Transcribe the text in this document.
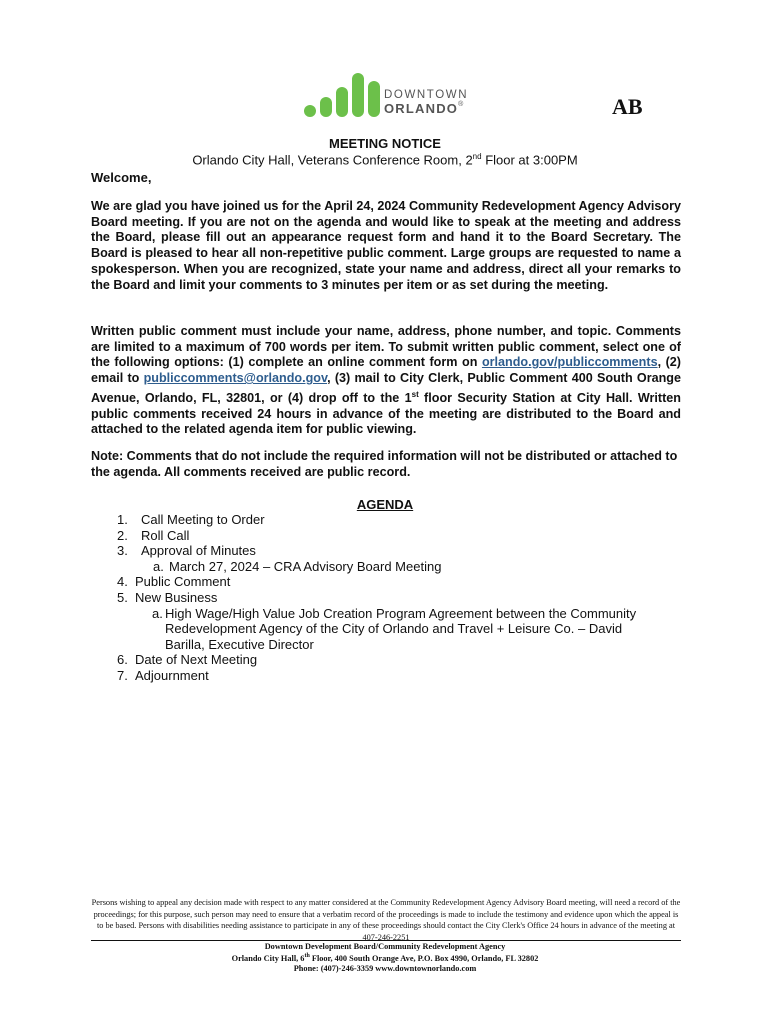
DOWNTOWN
ORLANDO®	AB
MEETING NOTICE
Orlando City Hall, Veterans Conference Room, 2nd Floor at 3:00PM
Welcome,

We are glad you have joined us for the April 24, 2024 Community Redevelopment Agency Advisory Board meeting. If you are not on the agenda and would like to speak at the meeting and address the Board, please fill out an appearance request form and hand it to the Board Secretary. The Board is pleased to hear all non-repetitive public comment. Large groups are requested to name a spokesperson. When you are recognized, state your name and address, direct all your remarks to the Board and limit your comments to 3 minutes per item or as set during the meeting.

Written public comment must include your name, address, phone number, and topic. Comments are limited to a maximum of 700 words per item. To submit written public comment, select one of the following options: (1) complete an online comment form on orlando.gov/publiccomments, (2) email to publiccomments@orlando.gov, (3) mail to City Clerk, Public Comment 400 South Orange Avenue, Orlando, FL, 32801, or (4) drop off to the 1st floor Security Station at City Hall. Written public comments received 24 hours in advance of the meeting are distributed to the Board and attached to the related agenda item for public viewing.

Note: Comments that do not include the required information will not be distributed or attached to the agenda. All comments received are public record.

AGENDA

1. Call Meeting to Order

2. Roll Call

3. Approval of Minutes

a. March 27, 2024 – CRA Advisory Board Meeting

4. Public Comment

5. New Business

a. High Wage/High Value Job Creation Program Agreement between the Community

Redevelopment Agency of the City of Orlando and Travel + Leisure Co. – David

Barilla, Executive Director

6. Date of Next Meeting

7. Adjournment

Persons wishing to appeal any decision made with respect to any matter considered at the Community Redevelopment Agency Advisory Board meeting, will need a record of the proceedings; for this purpose, such person may need to ensure that a verbatim record of the proceedings is made to include the testimony and evidence upon which the appeal is to be based. Persons with disabilities needing assistance to participate in any of these proceedings should contact the City Clerk's Office 24 hours in advance of the meeting at 407-246-2251

Downtown Development Board/Community Redevelopment Agency
Orlando City Hall, 6th Floor, 400 South Orange Ave, P.O. Box 4990, Orlando, FL 32802
Phone: (407)-246-3359 www.downtownorlando.com
